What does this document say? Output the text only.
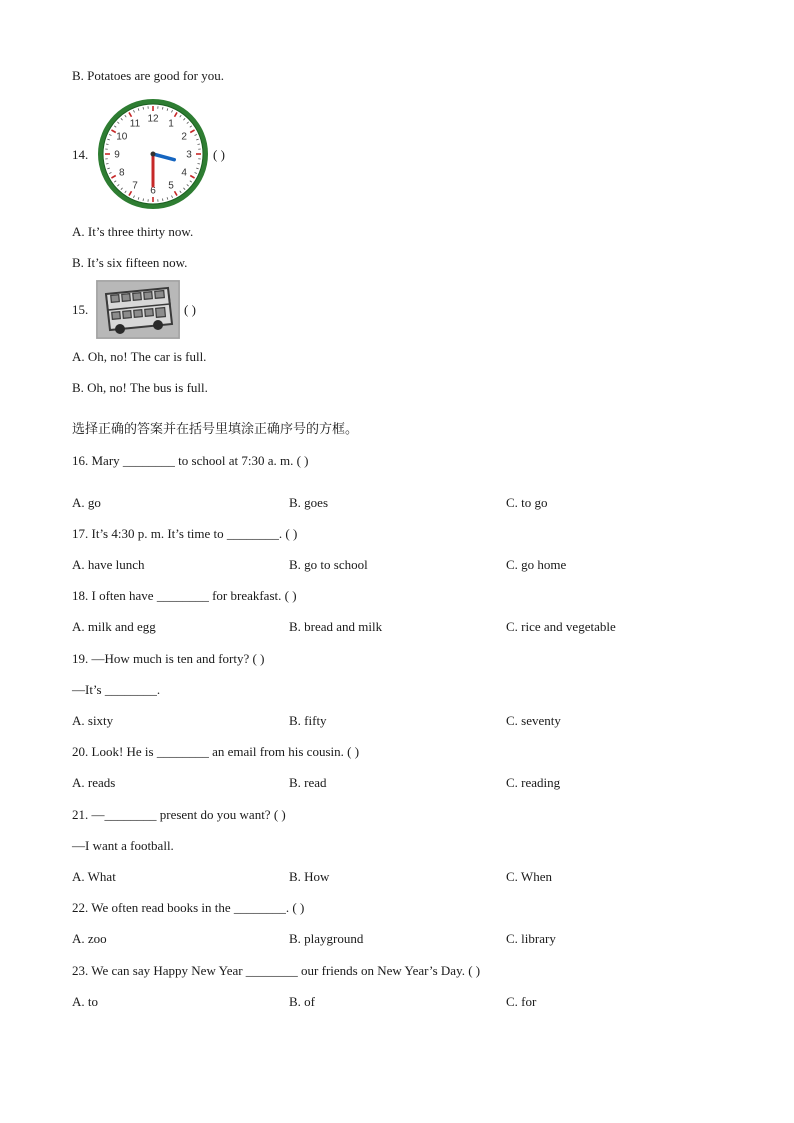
B. Potatoes are good for you.
14.
12 1
2
3
4
5
6
7
8
9
10
11
( )
A. It’s three thirty now.
B. It’s six fifteen now.
15.	( )
A. Oh, no! The car is full.
B. Oh, no! The bus is full.
选择正确的答案并在括号里填涂正确序号的方框。
16. Mary ________ to school at 7:30 a. m. ( )
A. go	B. goes	C. to go
17. It’s 4:30 p. m. It’s time to ________. ( )
A. have lunch	B. go to school	C. go home
18. I often have ________ for breakfast. ( )
A. milk and egg	B. bread and milk	C. rice and vegetable
19. —How much is ten and forty? ( )
—It’s ________.
A. sixty	B. fifty	C. seventy
20. Look! He is ________ an email from his cousin. ( )
A. reads	B. read	C. reading
21. —________ present do you want? ( )
—I want a football.
A. What	B. How	C. When
22. We often read books in the ________. ( )
A. zoo	B. playground	C. library
23. We can say Happy New Year ________ our friends on New Year’s Day. ( )
A. to	B. of	C. for
